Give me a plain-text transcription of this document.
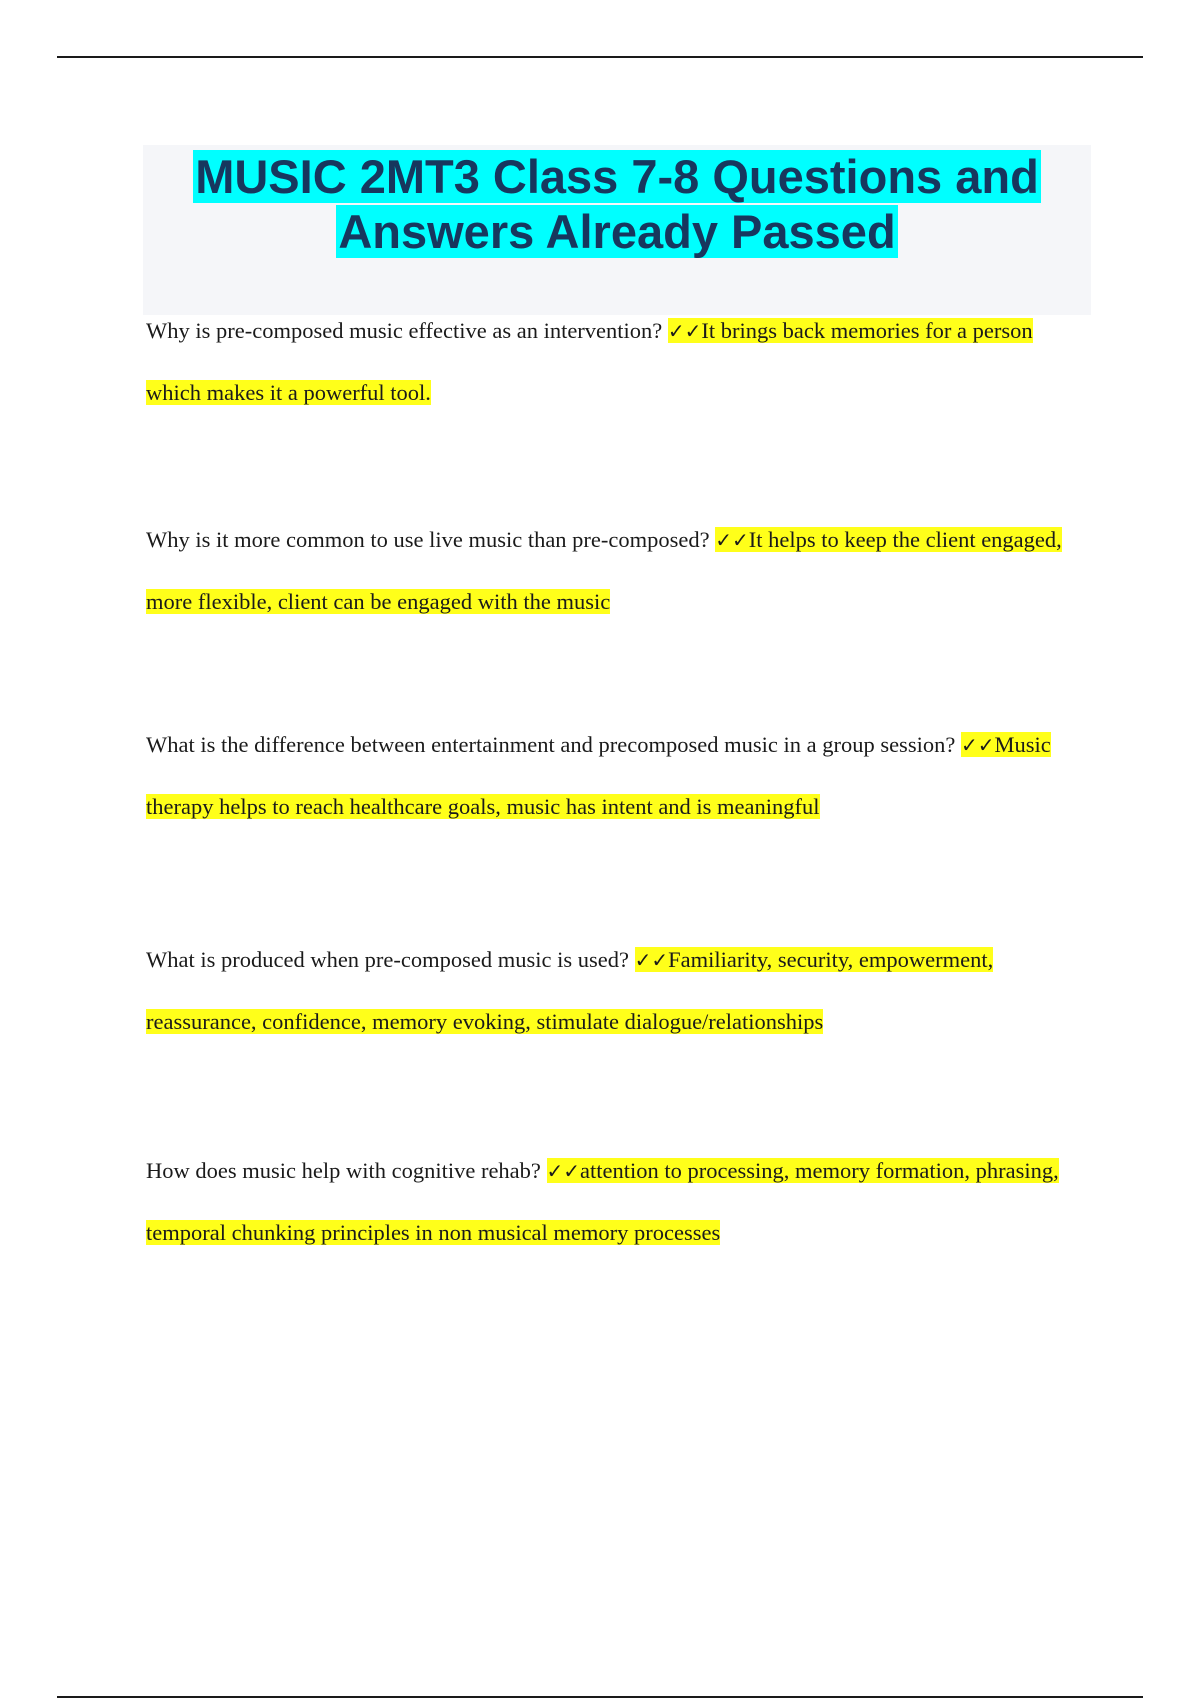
MUSIC 2MT3 Class 7-8 Questions and Answers Already Passed

Why is pre-composed music effective as an intervention? ✓✓It brings back memories for a person which makes it a powerful tool.

Why is it more common to use live music than pre-composed? ✓✓It helps to keep the client engaged, more flexible, client can be engaged with the music

What is the difference between entertainment and precomposed music in a group session? ✓✓Music therapy helps to reach healthcare goals, music has intent and is meaningful

What is produced when pre-composed music is used? ✓✓Familiarity, security, empowerment, reassurance, confidence, memory evoking, stimulate dialogue/relationships

How does music help with cognitive rehab? ✓✓attention to processing, memory formation, phrasing, temporal chunking principles in non musical memory processes
